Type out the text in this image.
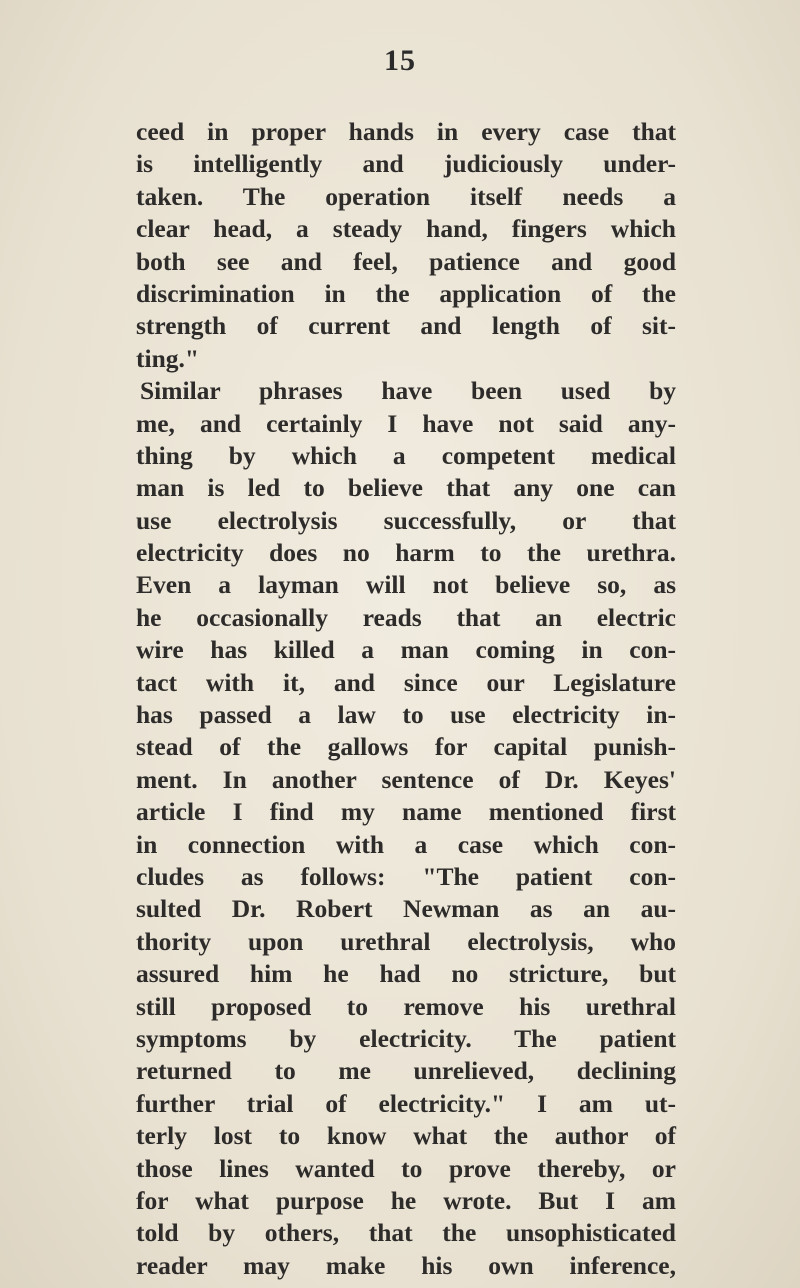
15
ceed in proper hands in every case that
is intelligently and judiciously under-
taken. The operation itself needs a
clear head, a steady hand, fingers which
both see and feel, patience and good
discrimination in the application of the
strength of current and length of sit-
ting."
Similar phrases have been used by
me, and certainly I have not said any-
thing by which a competent medical
man is led to believe that any one can
use electrolysis successfully, or that
electricity does no harm to the urethra.
Even a layman will not believe so, as
he occasionally reads that an electric
wire has killed a man coming in con-
tact with it, and since our Legislature
has passed a law to use electricity in-
stead of the gallows for capital punish-
ment. In another sentence of Dr. Keyes'
article I find my name mentioned first
in connection with a case which con-
cludes as follows: "The patient con-
sulted Dr. Robert Newman as an au-
thority upon urethral electrolysis, who
assured him he had no stricture, but
still proposed to remove his urethral
symptoms by electricity. The patient
returned to me unrelieved, declining
further trial of electricity." I am ut-
terly lost to know what the author of
those lines wanted to prove thereby, or
for what purpose he wrote. But I am
told by others, that the unsophisticated
reader may make his own inference,
